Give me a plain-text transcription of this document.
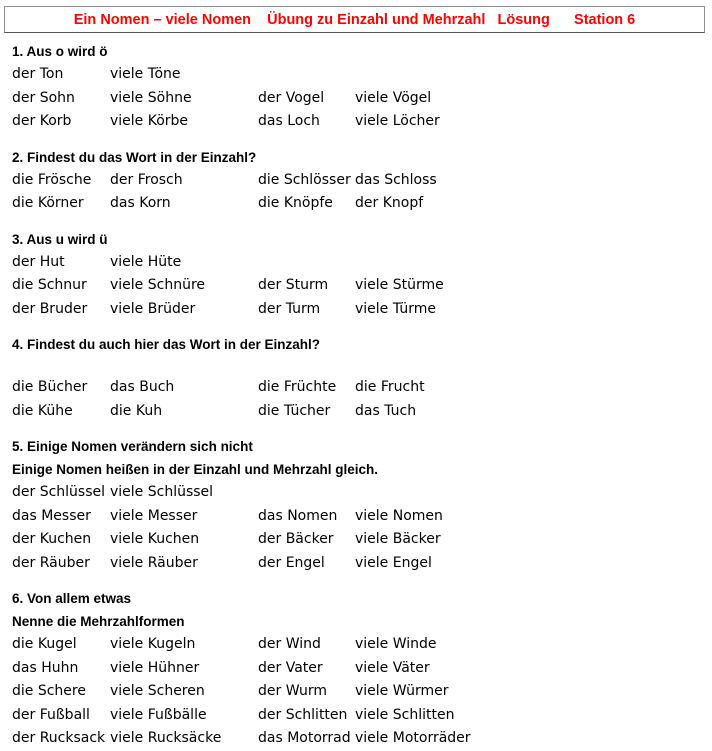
Ein Nomen – viele Nomen    Übung zu Einzahl und Mehrzahl   Lösung      Station 6
1. Aus o wird ö
der Ton	viele Töne
der Sohn	viele Söhne	der Vogel viele Vögel
der Korb	viele Körbe	das Loch	viele Löcher
2. Findest du das Wort in der Einzahl?
die Frösche der Frosch	die Schlösser das Schloss
die Körner das Korn	die Knöpfe der Knopf
3. Aus u wird ü
der Hut	viele Hüte
die Schnur viele Schnüre	der Sturm viele Stürme
der Bruder viele Brüder	der Turm viele Türme
4. Findest du auch hier das Wort in der Einzahl?
die Bücher das Buch	die Früchte die Frucht
die Kühe	die Kuh	die Tücher das Tuch
5. Einige Nomen verändern sich nicht
Einige Nomen heißen in der Einzahl und Mehrzahl gleich.
der Schlüssel viele Schlüssel
das Messer viele Messer	das Nomen viele Nomen
der Kuchen viele Kuchen	der Bäcker viele Bäcker
der Räuber viele Räuber	der Engel viele Engel
6. Von allem etwas
Nenne die Mehrzahlformen
die Kugel viele Kugeln	der Wind viele Winde
das Huhn viele Hühner	der Vater viele Väter
die Schere viele Scheren	der Wurm viele Würmer
der Fußball viele Fußbälle	der Schlitten viele Schlitten
der Rucksack viele Rucksäcke	das Motorrad viele Motorräder
